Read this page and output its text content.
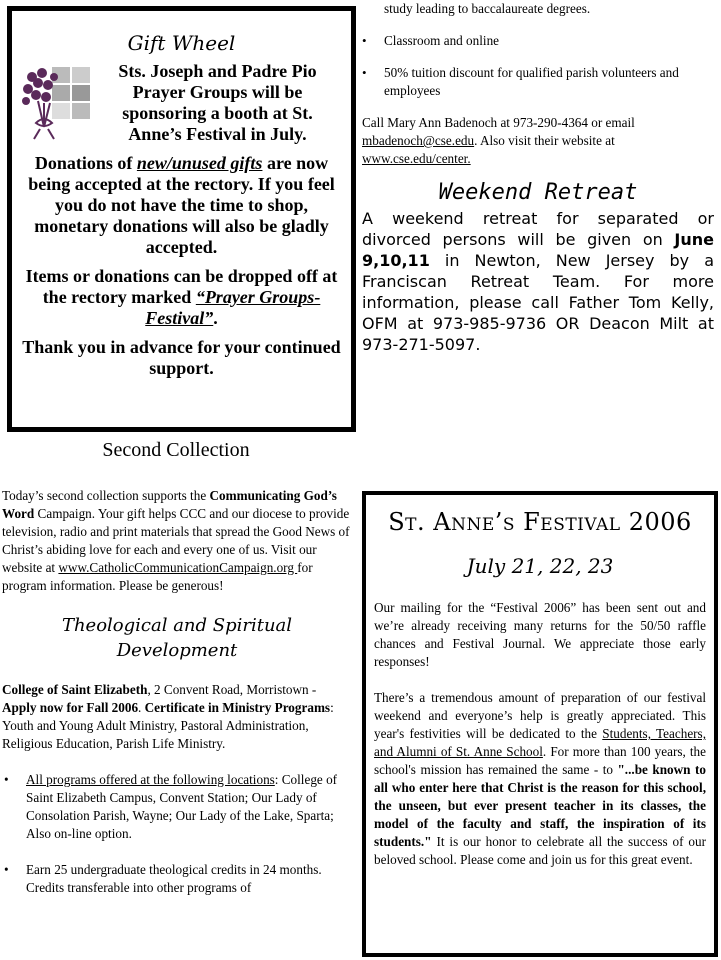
Gift Wheel
Sts. Joseph and Padre Pio Prayer Groups will be sponsoring a booth at St. Anne’s Festival in July.
Donations of new/unused gifts are now being accepted at the rectory. If you feel you do not have the time to shop, monetary donations will also be gladly accepted.
Items or donations can be dropped off at the rectory marked “Prayer Groups-Festival”.
Thank you in advance for your continued support.
study leading to baccalaureate degrees.
• Classroom and online
• 50% tuition discount for qualified parish volunteers and employees

Call Mary Ann Badenoch at 973-290-4364 or email mbadenoch@cse.edu. Also visit their website at www.cse.edu/center.

Weekend Retreat
A weekend retreat for separated or divorced persons will be given on June 9,10,11 in Newton, New Jersey by a Franciscan Retreat Team. For more information, please call Father Tom Kelly, OFM at 973-985-9736 OR Deacon Milt at 973-271-5097.
Second Collection

Today’s second collection supports the Communicating God’s Word Campaign. Your gift helps CCC and our diocese to provide television, radio and print materials that spread the Good News of Christ’s abiding love for each and every one of us. Visit our website at www.CatholicCommunicationCampaign.org for program information. Please be generous!

Theological and Spiritual Development

College of Saint Elizabeth, 2 Convent Road, Morristown - Apply now for Fall 2006. Certificate in Ministry Programs: Youth and Young Adult Ministry, Pastoral Administration, Religious Education, Parish Life Ministry.

• All programs offered at the following locations: College of Saint Elizabeth Campus, Convent Station; Our Lady of Consolation Parish, Wayne; Our Lady of the Lake, Sparta; Also on-line option.
• Earn 25 undergraduate theological credits in 24 months. Credits transferable into other programs of
St. Anne’s Festival 2006
July 21, 22, 23

Our mailing for the “Festival 2006” has been sent out and we’re already receiving many returns for the 50/50 raffle chances and Festival Journal. We appreciate those early responses!

There’s a tremendous amount of preparation of our festival weekend and everyone’s help is greatly appreciated. This year's festivities will be dedicated to the Students, Teachers, and Alumni of St. Anne School. For more than 100 years, the school's mission has remained the same - to "...be known to all who enter here that Christ is the reason for this school, the unseen, but ever present teacher in its classes, the model of the faculty and staff, the inspiration of its students." It is our honor to celebrate all the success of our beloved school. Please come and join us for this great event.
